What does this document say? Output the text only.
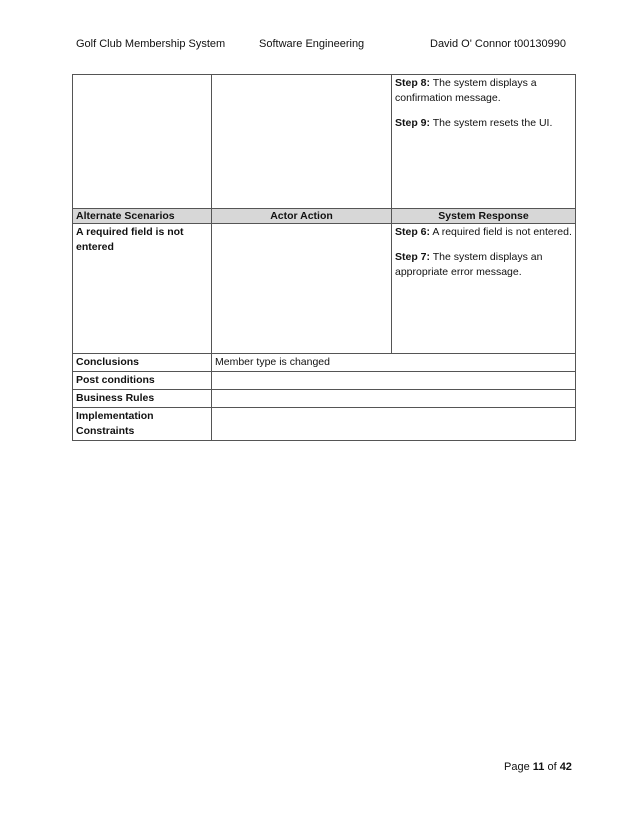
Golf Club Membership System	Software Engineering	David O' Connor t00130990

		Step 8: The system displays a confirmation message.
Step 9: The system resets the UI.

Alternate Scenarios	Actor Action	System Response
A required field is not entered		Step 6: A required field is not entered.
Step 7: The system displays an appropriate error message.

Conclusions	Member type is changed	
Post conditions		
Business Rules		
Implementation Constraints		
Page 11 of 42
